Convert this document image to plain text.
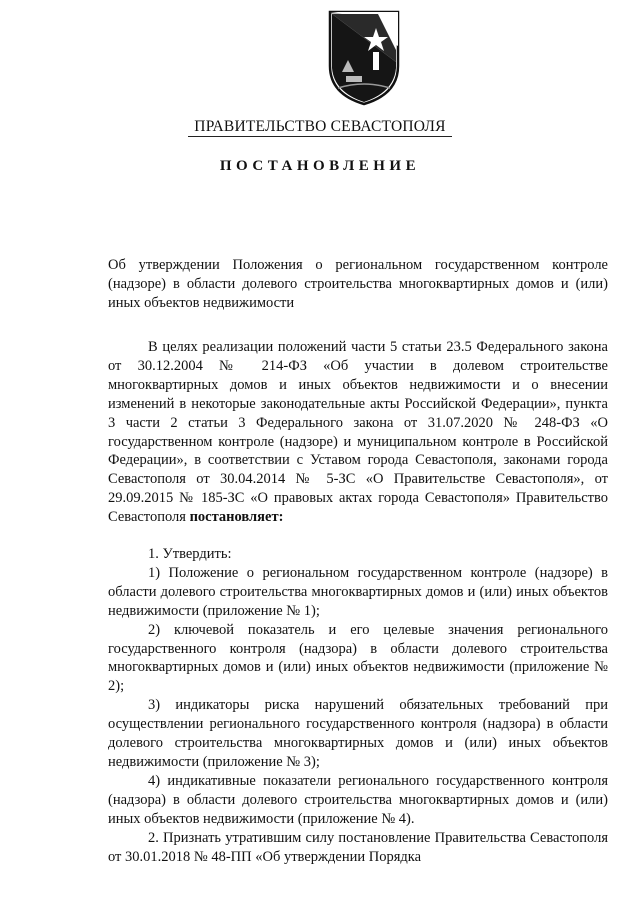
ПРАВИТЕЛЬСТВО СЕВАСТОПОЛЯ
ПОСТАНОВЛЕНИЕ
Об утверждении Положения о региональном государственном контроле (надзоре) в области долевого строительства многоквартирных домов и (или) иных объектов недвижимости

В целях реализации положений части 5 статьи 23.5 Федерального закона от 30.12.2004 № 214-ФЗ «Об участии в долевом строительстве многоквартирных домов и иных объектов недвижимости и о внесении изменений в некоторые законодательные акты Российской Федерации», пункта 3 части 2 статьи 3 Федерального закона от 31.07.2020 № 248-ФЗ «О государственном контроле (надзоре) и муниципальном контроле в Российской Федерации», в соответствии с Уставом города Севастополя, законами города Севастополя от 30.04.2014 № 5-ЗС «О Правительстве Севастополя», от 29.09.2015 № 185-ЗС «О правовых актах города Севастополя» Правительство Севастополя постановляет:

1. Утвердить:

1) Положение о региональном государственном контроле (надзоре) в области долевого строительства многоквартирных домов и (или) иных объектов недвижимости (приложение № 1);

2) ключевой показатель и его целевые значения регионального государственного контроля (надзора) в области долевого строительства многоквартирных домов и (или) иных объектов недвижимости (приложение № 2);

3) индикаторы риска нарушений обязательных требований при осуществлении регионального государственного контроля (надзора) в области долевого строительства многоквартирных домов и (или) иных объектов недвижимости (приложение № 3);

4) индикативные показатели регионального государственного контроля (надзора) в области долевого строительства многоквартирных домов и (или) иных объектов недвижимости (приложение № 4).

2. Признать утратившим силу постановление Правительства Севастополя от 30.01.2018 № 48-ПП «Об утверждении Порядка
